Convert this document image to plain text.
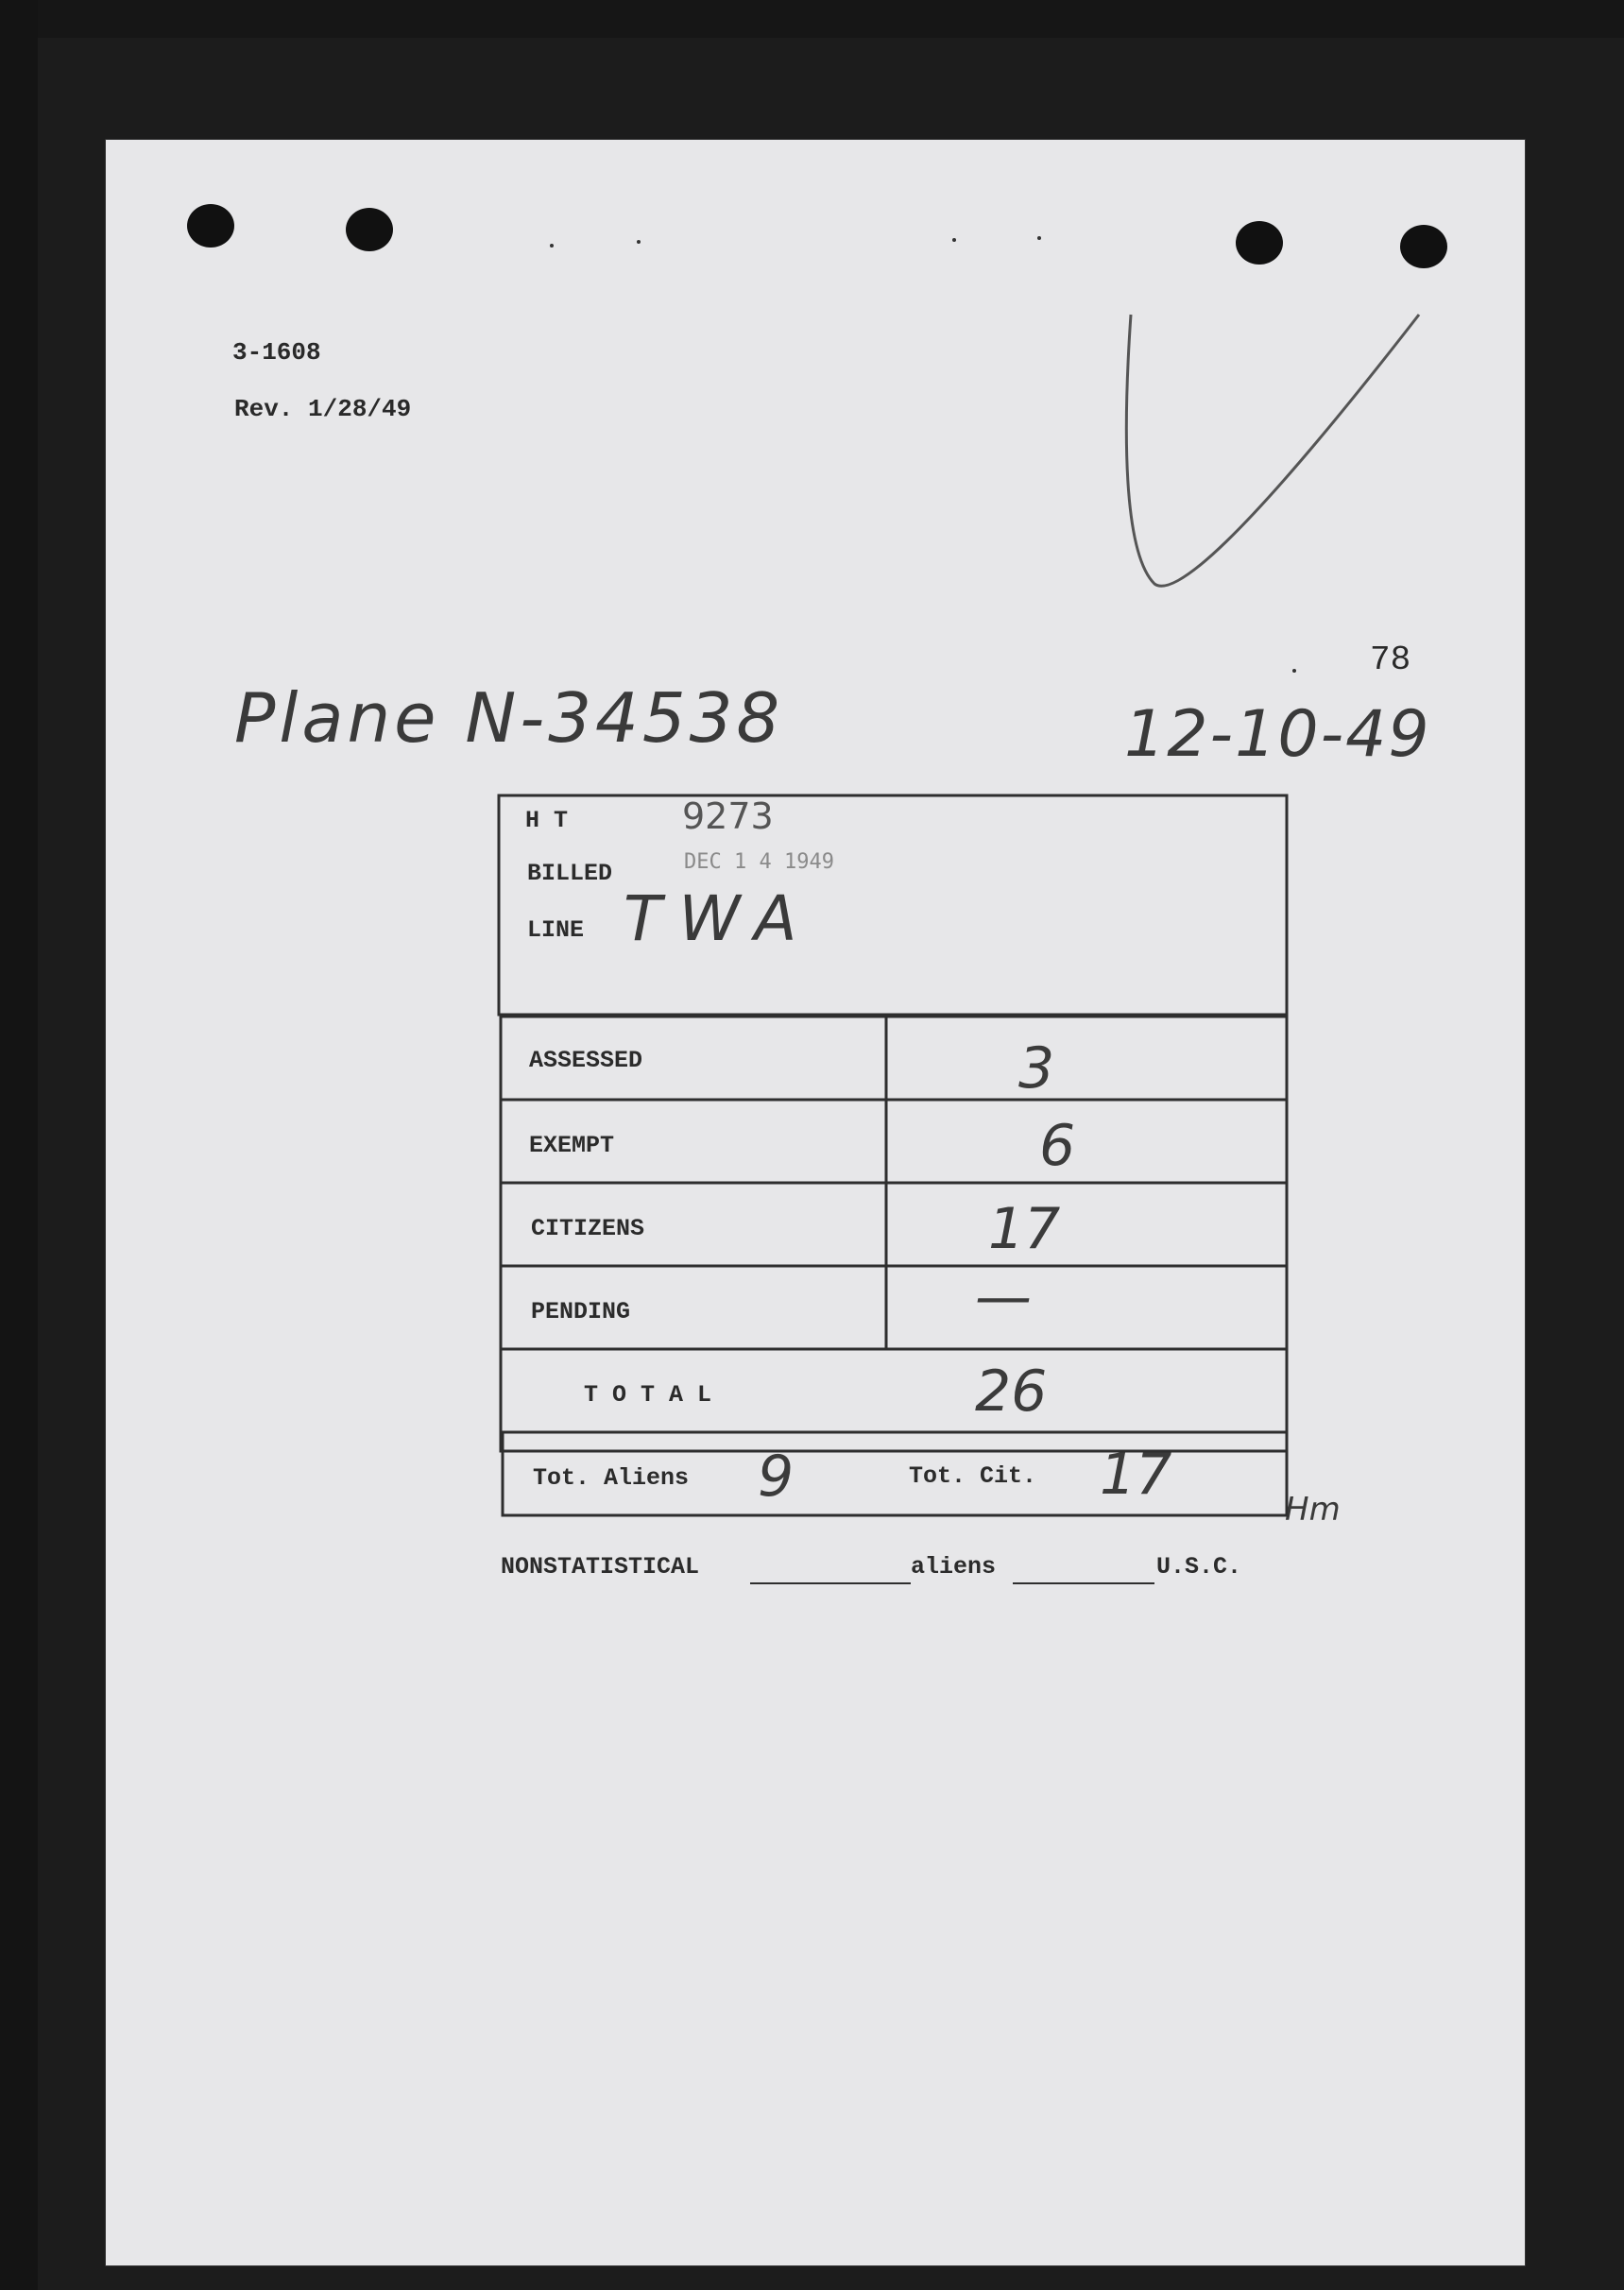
3-1608
Rev. 1/28/49
78
Plane N-34538	12-10-49
Hm
H T	9273
BILLED	DEC 1 4 1949
LINE TWA
ASSESSED	3
EXEMPT	6
CITIZENS	17
PENDING	—
T O T A L	26
Tot. Aliens 9	Tot. Cit. 17
NONSTATISTICAL	aliens	U.S.C.
